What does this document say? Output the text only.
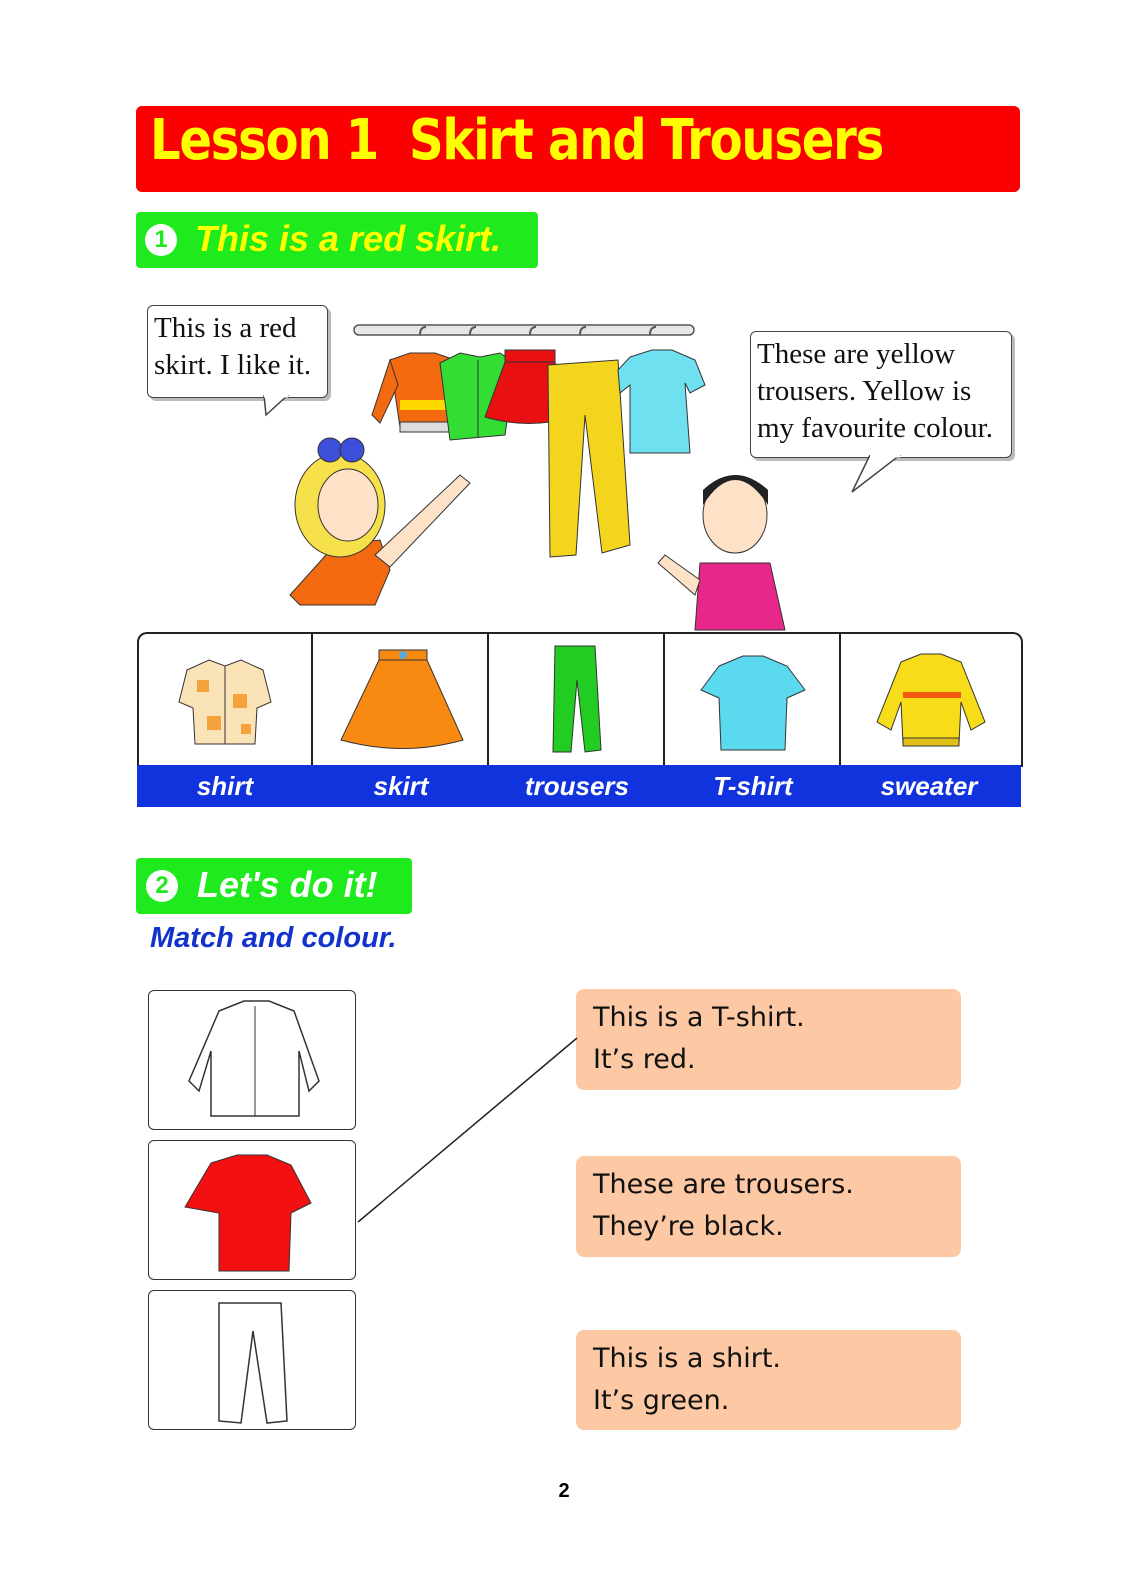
Lesson 1  Skirt and Trousers
1 This is a red skirt.
This is a red
skirt. I like it.	These are yellow
trousers. Yellow is
my favourite colour.
shirt	skirt	trousers	T-shirt	sweater
2 Let's do it!
Match and colour.
This is a T-shirt.
It’s red.
These are trousers.
They’re black.
This is a shirt.
It’s green.
2
